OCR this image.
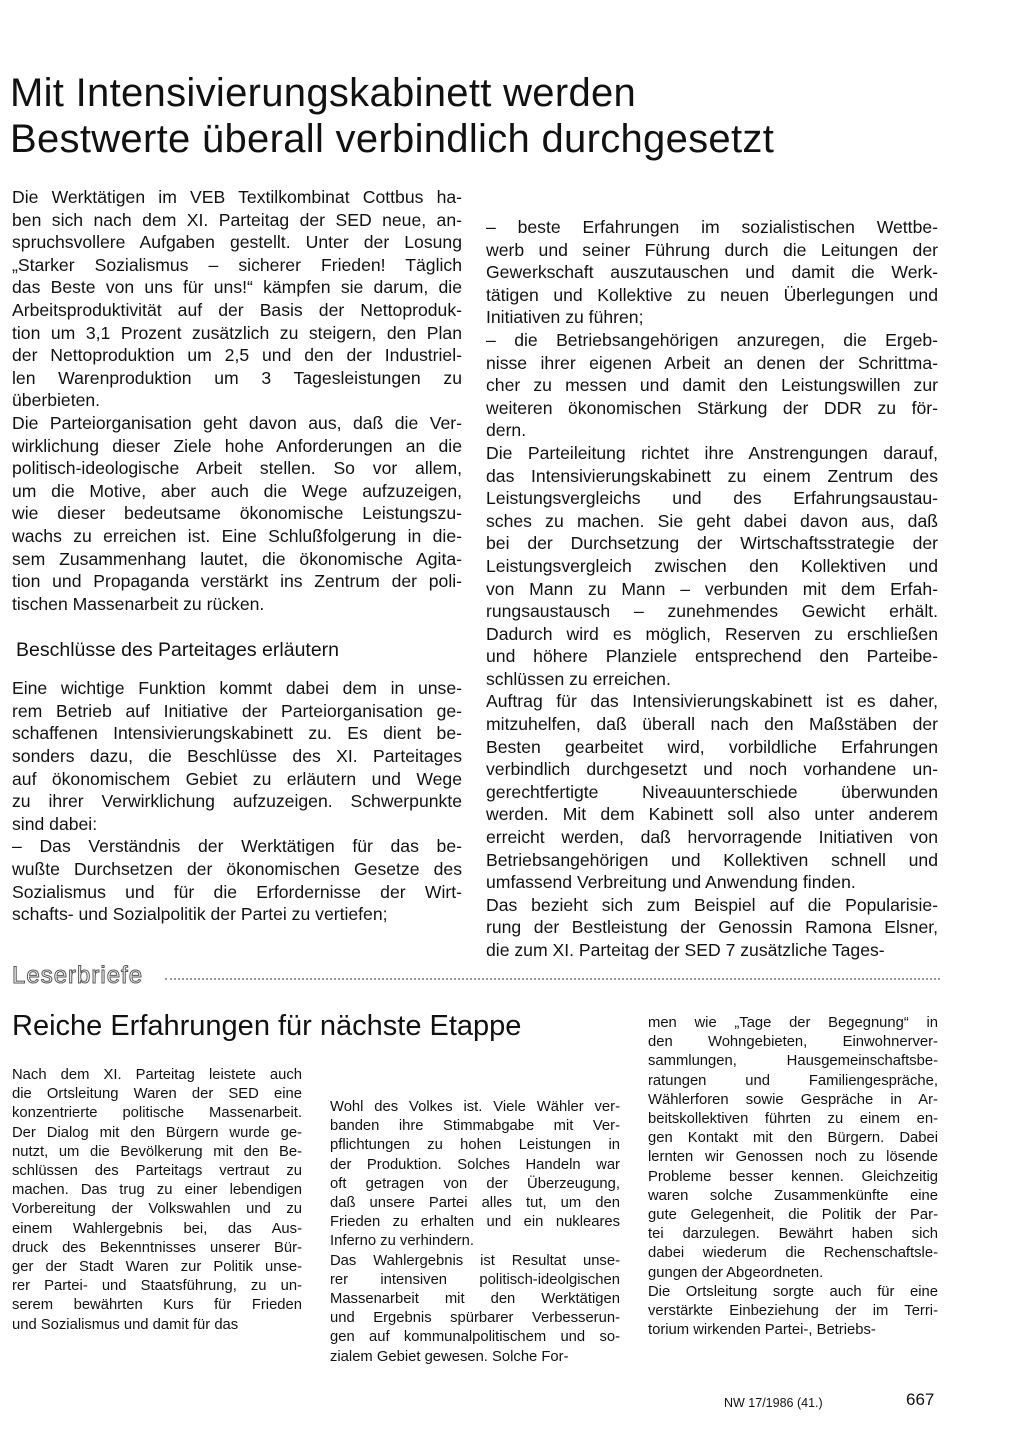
Mit Intensivierungskabinett werden
Bestwerte überall verbindlich durchgesetzt
Die Werktätigen im VEB Textilkombinat Cottbus ha-
ben sich nach dem XI. Parteitag der SED neue, an-
spruchsvollere Aufgaben gestellt. Unter der Losung
„Starker Sozialismus – sicherer Frieden! Täglich
das Beste von uns für uns!“ kämpfen sie darum, die
Arbeitsproduktivität auf der Basis der Nettoproduk-
tion um 3,1 Prozent zusätzlich zu steigern, den Plan
der Nettoproduktion um 2,5 und den der Industriel-
len Warenproduktion um 3 Tagesleistungen zu
überbieten.
Die Parteiorganisation geht davon aus, daß die Ver-
wirklichung dieser Ziele hohe Anforderungen an die
politisch-ideologische Arbeit stellen. So vor allem,
um die Motive, aber auch die Wege aufzuzeigen,
wie dieser bedeutsame ökonomische Leistungszu-
wachs zu erreichen ist. Eine Schlußfolgerung in die-
sem Zusammenhang lautet, die ökonomische Agita-
tion und Propaganda verstärkt ins Zentrum der poli-
tischen Massenarbeit zu rücken.
Beschlüsse des Parteitages erläutern
Eine wichtige Funktion kommt dabei dem in unse-
rem Betrieb auf Initiative der Parteiorganisation ge-
schaffenen Intensivierungskabinett zu. Es dient be-
sonders dazu, die Beschlüsse des XI. Parteitages
auf ökonomischem Gebiet zu erläutern und Wege
zu ihrer Verwirklichung aufzuzeigen. Schwerpunkte
sind dabei:
– Das Verständnis der Werktätigen für das be-
wußte Durchsetzen der ökonomischen Gesetze des
Sozialismus und für die Erfordernisse der Wirt-
schafts- und Sozialpolitik der Partei zu vertiefen;
– beste Erfahrungen im sozialistischen Wettbe-
werb und seiner Führung durch die Leitungen der
Gewerkschaft auszutauschen und damit die Werk-
tätigen und Kollektive zu neuen Überlegungen und
Initiativen zu führen;
– die Betriebsangehörigen anzuregen, die Ergeb-
nisse ihrer eigenen Arbeit an denen der Schrittma-
cher zu messen und damit den Leistungswillen zur
weiteren ökonomischen Stärkung der DDR zu för-
dern.
Die Parteileitung richtet ihre Anstrengungen darauf,
das Intensivierungskabinett zu einem Zentrum des
Leistungsvergleichs und des Erfahrungsaustau-
sches zu machen. Sie geht dabei davon aus, daß
bei der Durchsetzung der Wirtschaftsstrategie der
Leistungsvergleich zwischen den Kollektiven und
von Mann zu Mann – verbunden mit dem Erfah-
rungsaustausch – zunehmendes Gewicht erhält.
Dadurch wird es möglich, Reserven zu erschließen
und höhere Planziele entsprechend den Parteibe-
schlüssen zu erreichen.
Auftrag für das Intensivierungskabinett ist es daher,
mitzuhelfen, daß überall nach den Maßstäben der
Besten gearbeitet wird, vorbildliche Erfahrungen
verbindlich durchgesetzt und noch vorhandene un-
gerechtfertigte Niveauunterschiede überwunden
werden. Mit dem Kabinett soll also unter anderem
erreicht werden, daß hervorragende Initiativen von
Betriebsangehörigen und Kollektiven schnell und
umfassend Verbreitung und Anwendung finden.
Das bezieht sich zum Beispiel auf die Popularisie-
rung der Bestleistung der Genossin Ramona Elsner,
die zum XI. Parteitag der SED 7 zusätzliche Tages-
Leserbriefe
Reiche Erfahrungen für nächste Etappe
Nach dem XI. Parteitag leistete auch
die Ortsleitung Waren der SED eine
konzentrierte politische Massenarbeit.
Der Dialog mit den Bürgern wurde ge-
nutzt, um die Bevölkerung mit den Be-
schlüssen des Parteitags vertraut zu
machen. Das trug zu einer lebendigen
Vorbereitung der Volkswahlen und zu
einem Wahlergebnis bei, das Aus-
druck des Bekenntnisses unserer Bür-
ger der Stadt Waren zur Politik unse-
rer Partei- und Staatsführung, zu un-
serem bewährten Kurs für Frieden
und Sozialismus und damit für das
Wohl des Volkes ist. Viele Wähler ver-
banden ihre Stimmabgabe mit Ver-
pflichtungen zu hohen Leistungen in
der Produktion. Solches Handeln war
oft getragen von der Überzeugung,
daß unsere Partei alles tut, um den
Frieden zu erhalten und ein nukleares
Inferno zu verhindern.
Das Wahlergebnis ist Resultat unse-
rer intensiven politisch-ideolgischen
Massenarbeit mit den Werktätigen
und Ergebnis spürbarer Verbesserun-
gen auf kommunalpolitischem und so-
zialem Gebiet gewesen. Solche For-
men wie „Tage der Begegnung“ in
den Wohngebieten, Einwohnerver-
sammlungen, Hausgemeinschaftsbe-
ratungen und Familiengespräche,
Wählerforen sowie Gespräche in Ar-
beitskollektiven führten zu einem en-
gen Kontakt mit den Bürgern. Dabei
lernten wir Genossen noch zu lösende
Probleme besser kennen. Gleichzeitig
waren solche Zusammenkünfte eine
gute Gelegenheit, die Politik der Par-
tei darzulegen. Bewährt haben sich
dabei wiederum die Rechenschaftsle-
gungen der Abgeordneten.
Die Ortsleitung sorgte auch für eine
verstärkte Einbeziehung der im Terri-
torium wirkenden Partei-, Betriebs-
NW 17/1986 (41.)	667
